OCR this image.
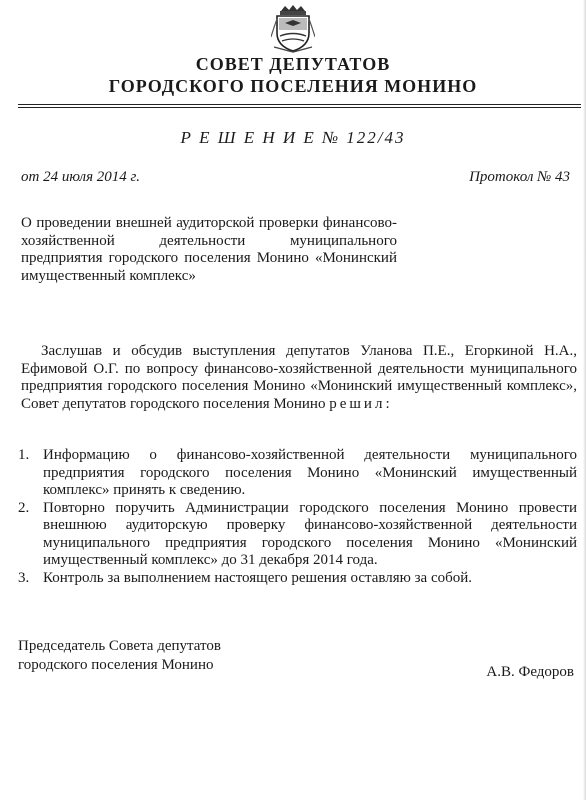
СОВЕТ ДЕПУТАТОВ
ГОРОДСКОГО ПОСЕЛЕНИЯ МОНИНО
Р Е Ш Е Н И Е № 122/43
от 24 июля 2014 г.	Протокол № 43
О проведении внешней аудиторской проверки финансово-хозяйственной деятельности муниципального предприятия городского поселения Монино «Монинский имущественный комплекс»
Заслушав и обсудив выступления депутатов Уланова П.Е., Егоркиной Н.А., Ефимовой О.Г. по вопросу финансово-хозяйственной деятельности муниципального предприятия городского поселения Монино «Монинский имущественный комплекс», Совет депутатов городского поселения Монино решил:
1. Информацию о финансово-хозяйственной деятельности муниципального предприятия городского поселения Монино «Монинский имущественный комплекс» принять к сведению.
2. Повторно поручить Администрации городского поселения Монино провести внешнюю аудиторскую проверку финансово-хозяйственной деятельности муниципального предприятия городского поселения Монино «Монинский имущественный комплекс» до 31 декабря 2014 года.
3. Контроль за выполнением настоящего решения оставляю за собой.
Председатель Совета депутатов
городского поселения Монино	А.В. Федоров
